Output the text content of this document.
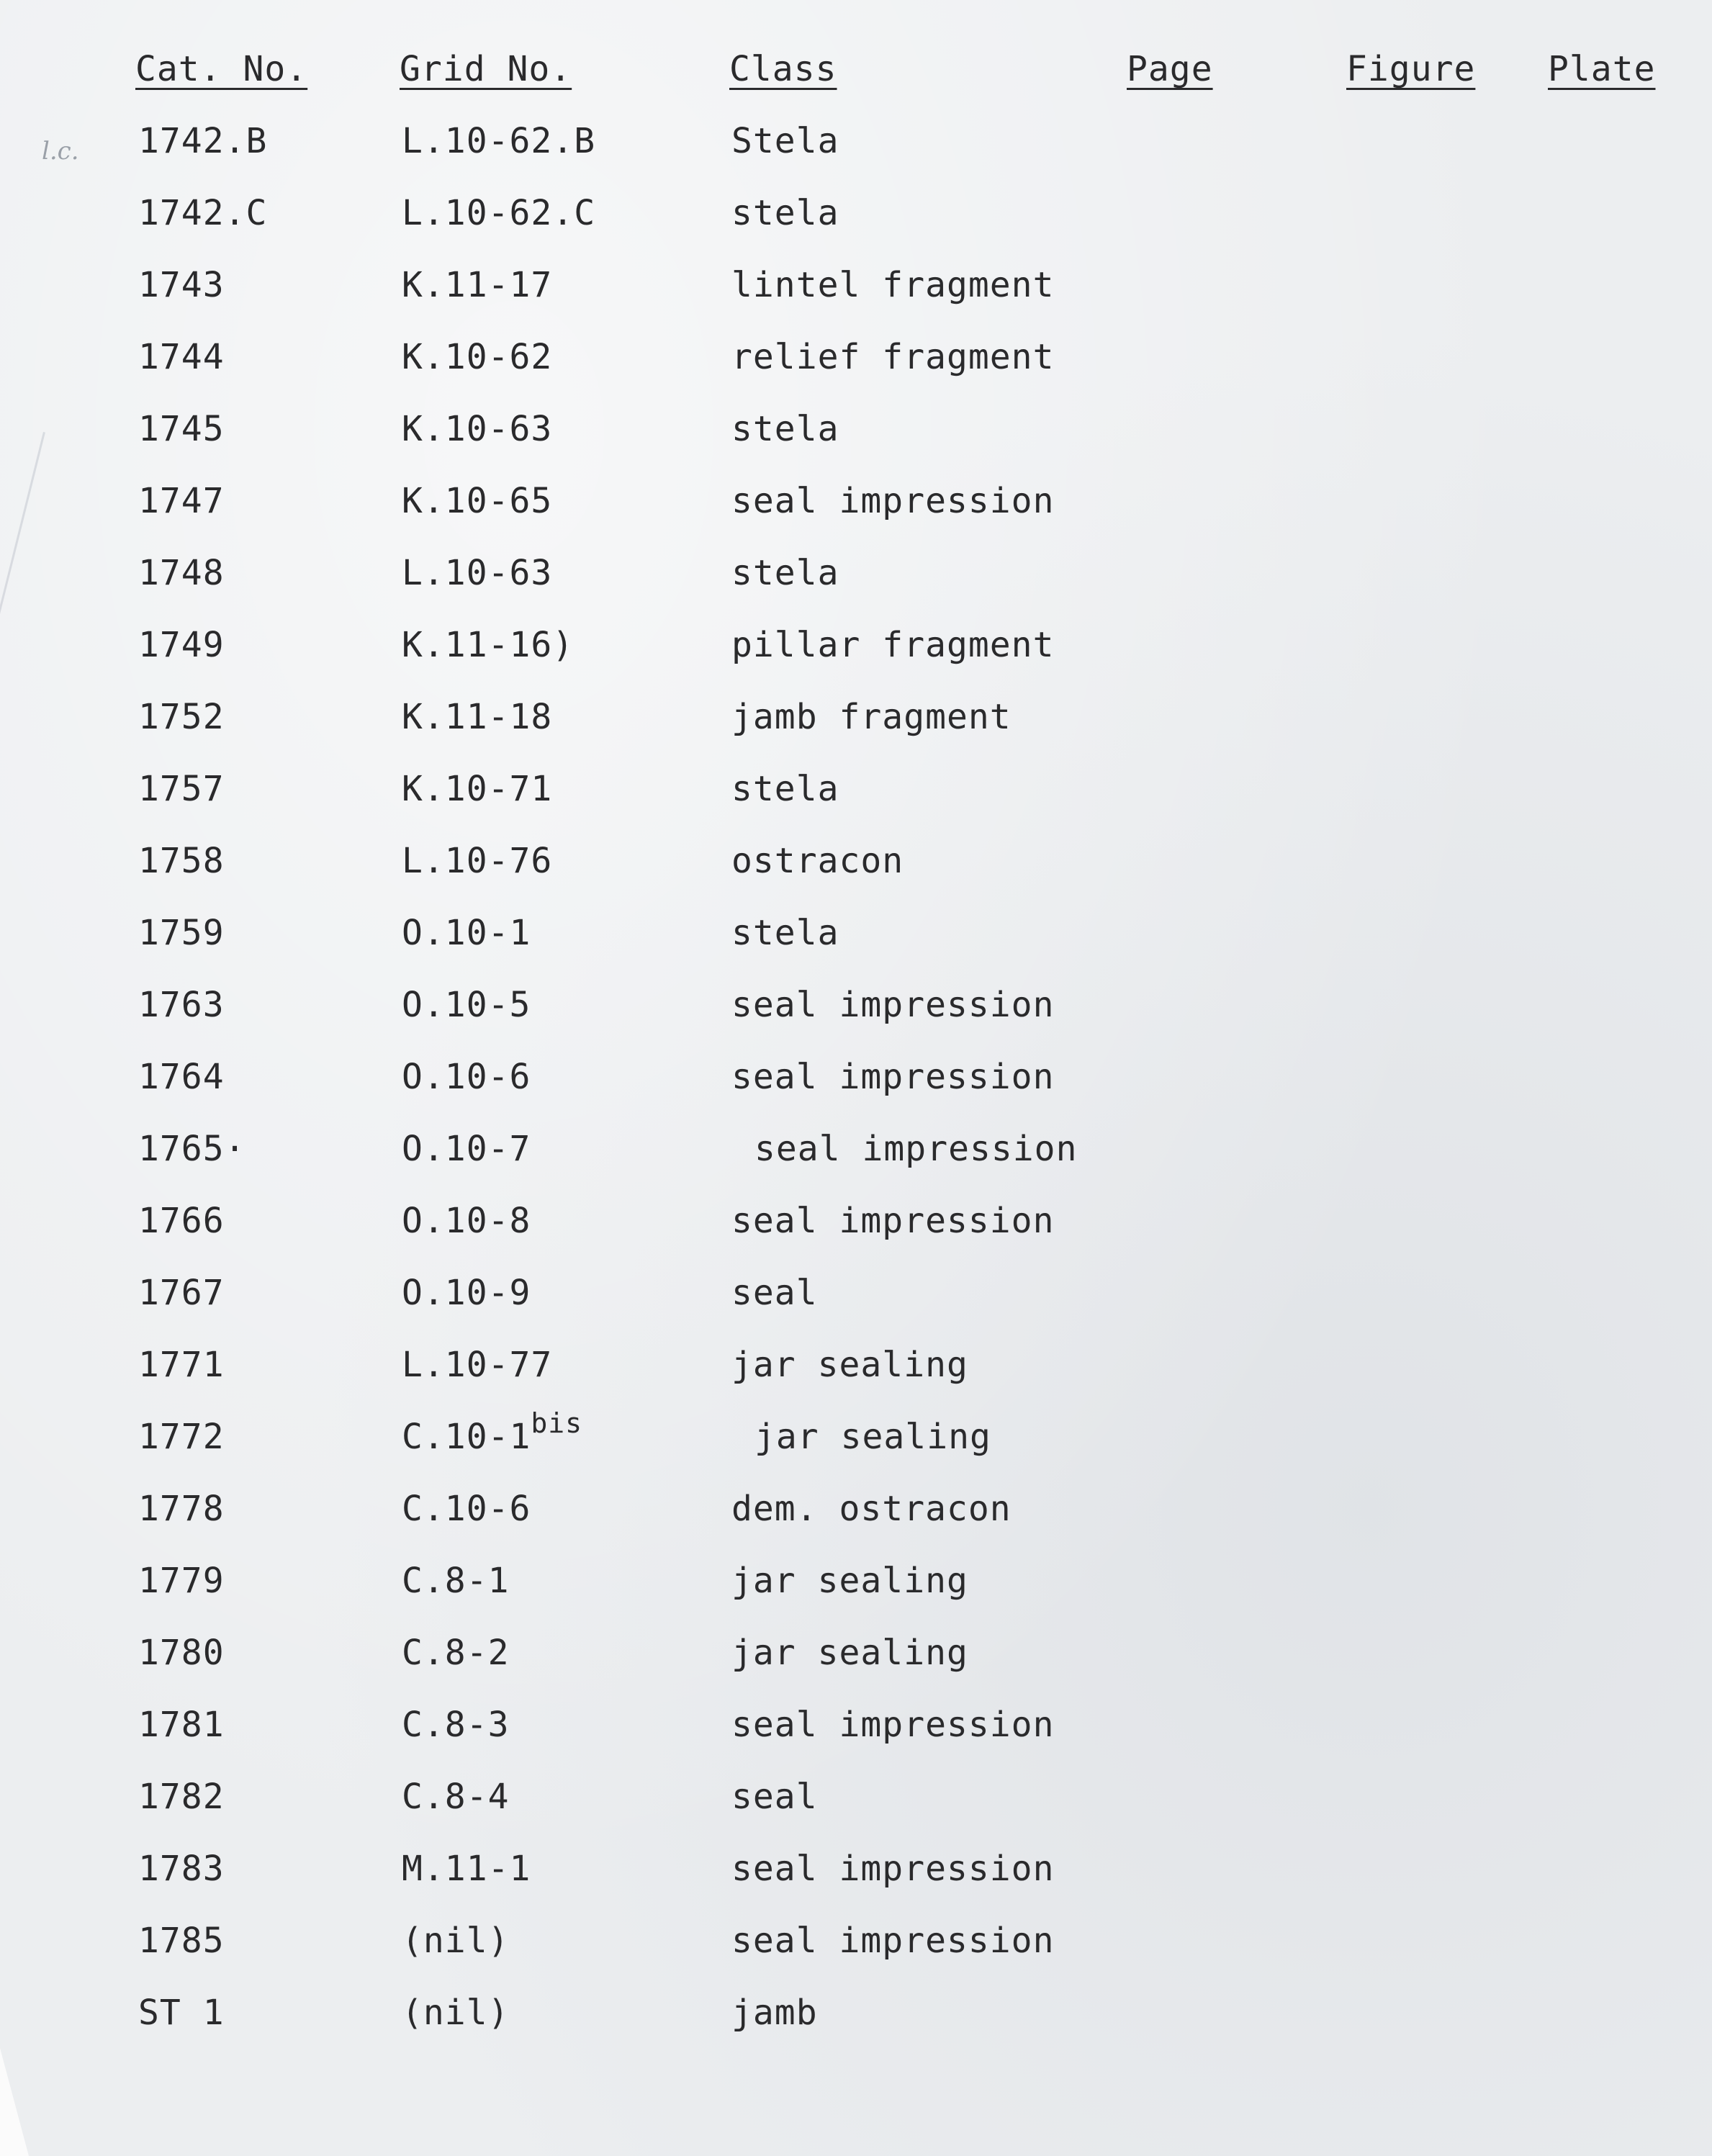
l.c.
Cat. No.	Grid No.	Class	Page	Figure Plate
1742.B	L.10-62.B	Stela
1742.C	L.10-62.C	stela
1743	K.11-17	lintel fragment
1744	K.10-62	relief fragment
1745	K.10-63	stela
1747	K.10-65	seal impression
1748	L.10-63	stela
1749	K.11-16)	pillar fragment
1752	K.11-18	jamb fragment
1757	K.10-71	stela
1758	L.10-76	ostracon
1759	O.10-1	stela
1763	O.10-5	seal impression
1764	O.10-6	seal impression
1765·	O.10-7	seal impression
1766	O.10-8	seal impression
1767	O.10-9	seal
1771	L.10-77	jar sealing
1772	$C.10-1^{bis}$	jar sealing
1778	C.10-6	dem. ostracon
1779	C.8-1	jar sealing
1780	C.8-2	jar sealing
1781	C.8-3	seal impression
1782	C.8-4	seal
1783	M.11-1	seal impression
1785	(nil)	seal impression
ST 1	(nil)	jamb
